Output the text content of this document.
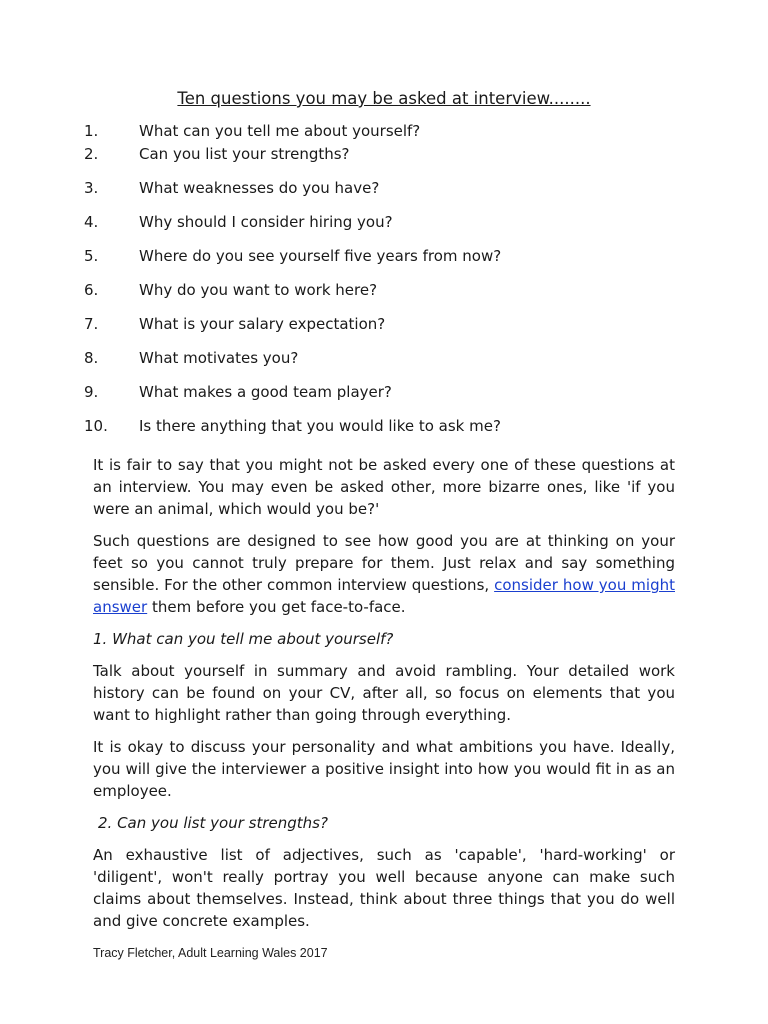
Ten questions you may be asked at interview........
1.	What can you tell me about yourself?
2.	Can you list your strengths?
3.	What weaknesses do you have?
4.	Why should I consider hiring you?
5.	Where do you see yourself five years from now?
6.	Why do you want to work here?
7.	What is your salary expectation?
8.	What motivates you?
9.	What makes a good team player?
10. Is there anything that you would like to ask me?

It is fair to say that you might not be asked every one of these questions at an interview. You may even be asked other, more bizarre ones, like 'if you were an animal, which would you be?'

Such questions are designed to see how good you are at thinking on your feet so you cannot truly prepare for them. Just relax and say something sensible. For the other common interview questions, consider how you might answer them before you get face-to-face.

1. What can you tell me about yourself?

Talk about yourself in summary and avoid rambling. Your detailed work history can be found on your CV, after all, so focus on elements that you want to highlight rather than going through everything.

It is okay to discuss your personality and what ambitions you have. Ideally, you will give the interviewer a positive insight into how you would fit in as an employee.

2. Can you list your strengths?

An exhaustive list of adjectives, such as 'capable', 'hard-working' or 'diligent', won't really portray you well because anyone can make such claims about themselves. Instead, think about three things that you do well and give concrete examples.

Tracy Fletcher, Adult Learning Wales 2017
